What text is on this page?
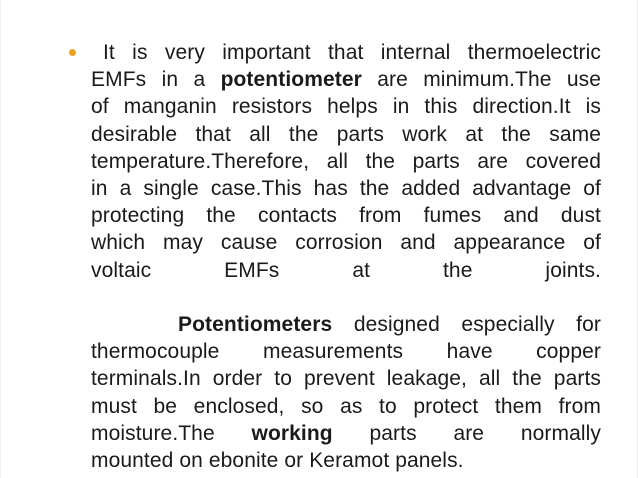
It is very important that internal thermoelectric
EMFs in a potentiometer are minimum.The use
of manganin resistors helps in this direction.It is
desirable that all the parts work at the same
temperature.Therefore, all the parts are covered
in a single case.This has the added advantage of
protecting the contacts from fumes and dust
which may cause corrosion and appearance of
voltaic EMFs at the joints.
Potentiometers designed especially for
thermocouple measurements have copper
terminals.In order to prevent leakage, all the parts
must be enclosed, so as to protect them from
moisture.The working parts are normally
mounted on ebonite or Keramot panels.
